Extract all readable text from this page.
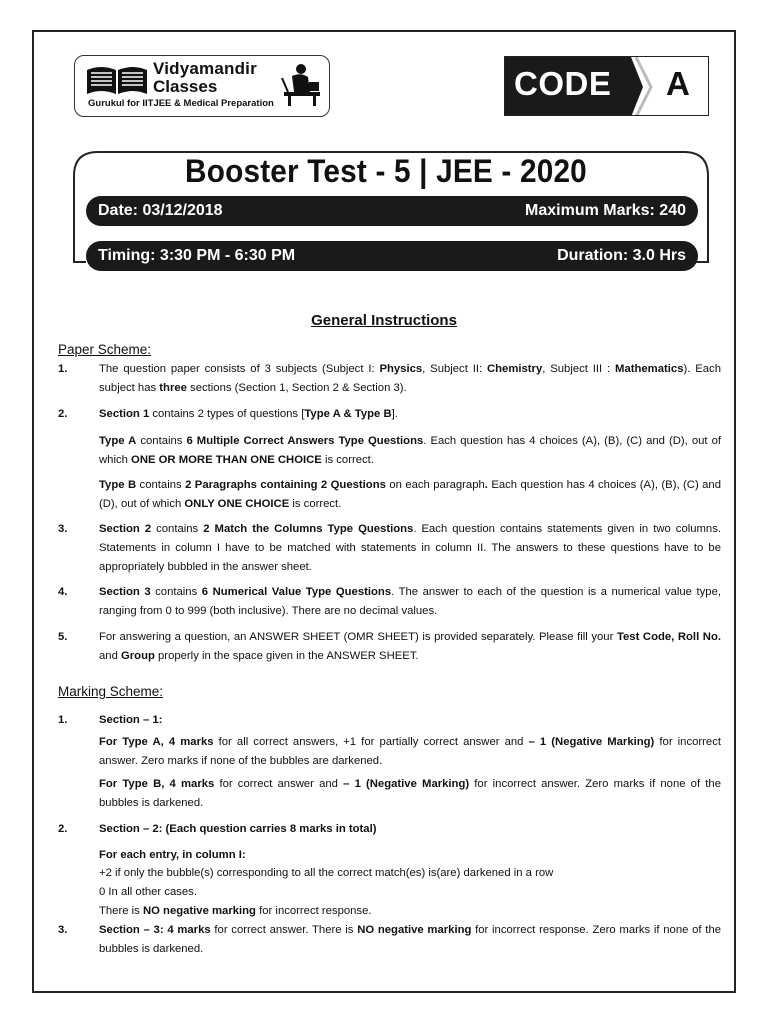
Vidyamandir
Classes
Gurukul for IITJEE & Medical Preparation
CODE A
Booster Test - 5 | JEE - 2020
Date: 03/12/2018	Maximum Marks: 240
Timing: 3:30 PM - 6:30 PM	Duration: 3.0 Hrs
General Instructions
Paper Scheme:
1.	The question paper consists of 3 subjects (Subject I: Physics, Subject II: Chemistry, Subject III : Mathematics). Each subject has three sections (Section 1, Section 2 & Section 3).
2.	Section 1 contains 2 types of questions [Type A & Type B].
Type A contains 6 Multiple Correct Answers Type Questions. Each question has 4 choices (A), (B), (C) and (D), out of which ONE OR MORE THAN ONE CHOICE is correct.
Type B contains 2 Paragraphs containing 2 Questions on each paragraph. Each question has 4 choices (A), (B), (C) and (D), out of which ONLY ONE CHOICE is correct.
3.	Section 2 contains 2 Match the Columns Type Questions. Each question contains statements given in two columns. Statements in column I have to be matched with statements in column II. The answers to these questions have to be appropriately bubbled in the answer sheet.
4.	Section 3 contains 6 Numerical Value Type Questions. The answer to each of the question is a numerical value type, ranging from 0 to 999 (both inclusive). There are no decimal values.
5.	For answering a question, an ANSWER SHEET (OMR SHEET) is provided separately. Please fill your Test Code, Roll No. and Group properly in the space given in the ANSWER SHEET.
Marking Scheme:
1.	Section – 1:
For Type A, 4 marks for all correct answers, +1 for partially correct answer and – 1 (Negative Marking) for incorrect answer. Zero marks if none of the bubbles are darkened.
For Type B, 4 marks for correct answer and – 1 (Negative Marking) for incorrect answer. Zero marks if none of the bubbles is darkened.
2.	Section – 2: (Each question carries 8 marks in total)
For each entry, in column I:
+2 if only the bubble(s) corresponding to all the correct match(es) is(are) darkened in a row
0 In all other cases.
There is NO negative marking for incorrect response.
3.	Section – 3: 4 marks for correct answer. There is NO negative marking for incorrect response. Zero marks if none of the bubbles is darkened.
